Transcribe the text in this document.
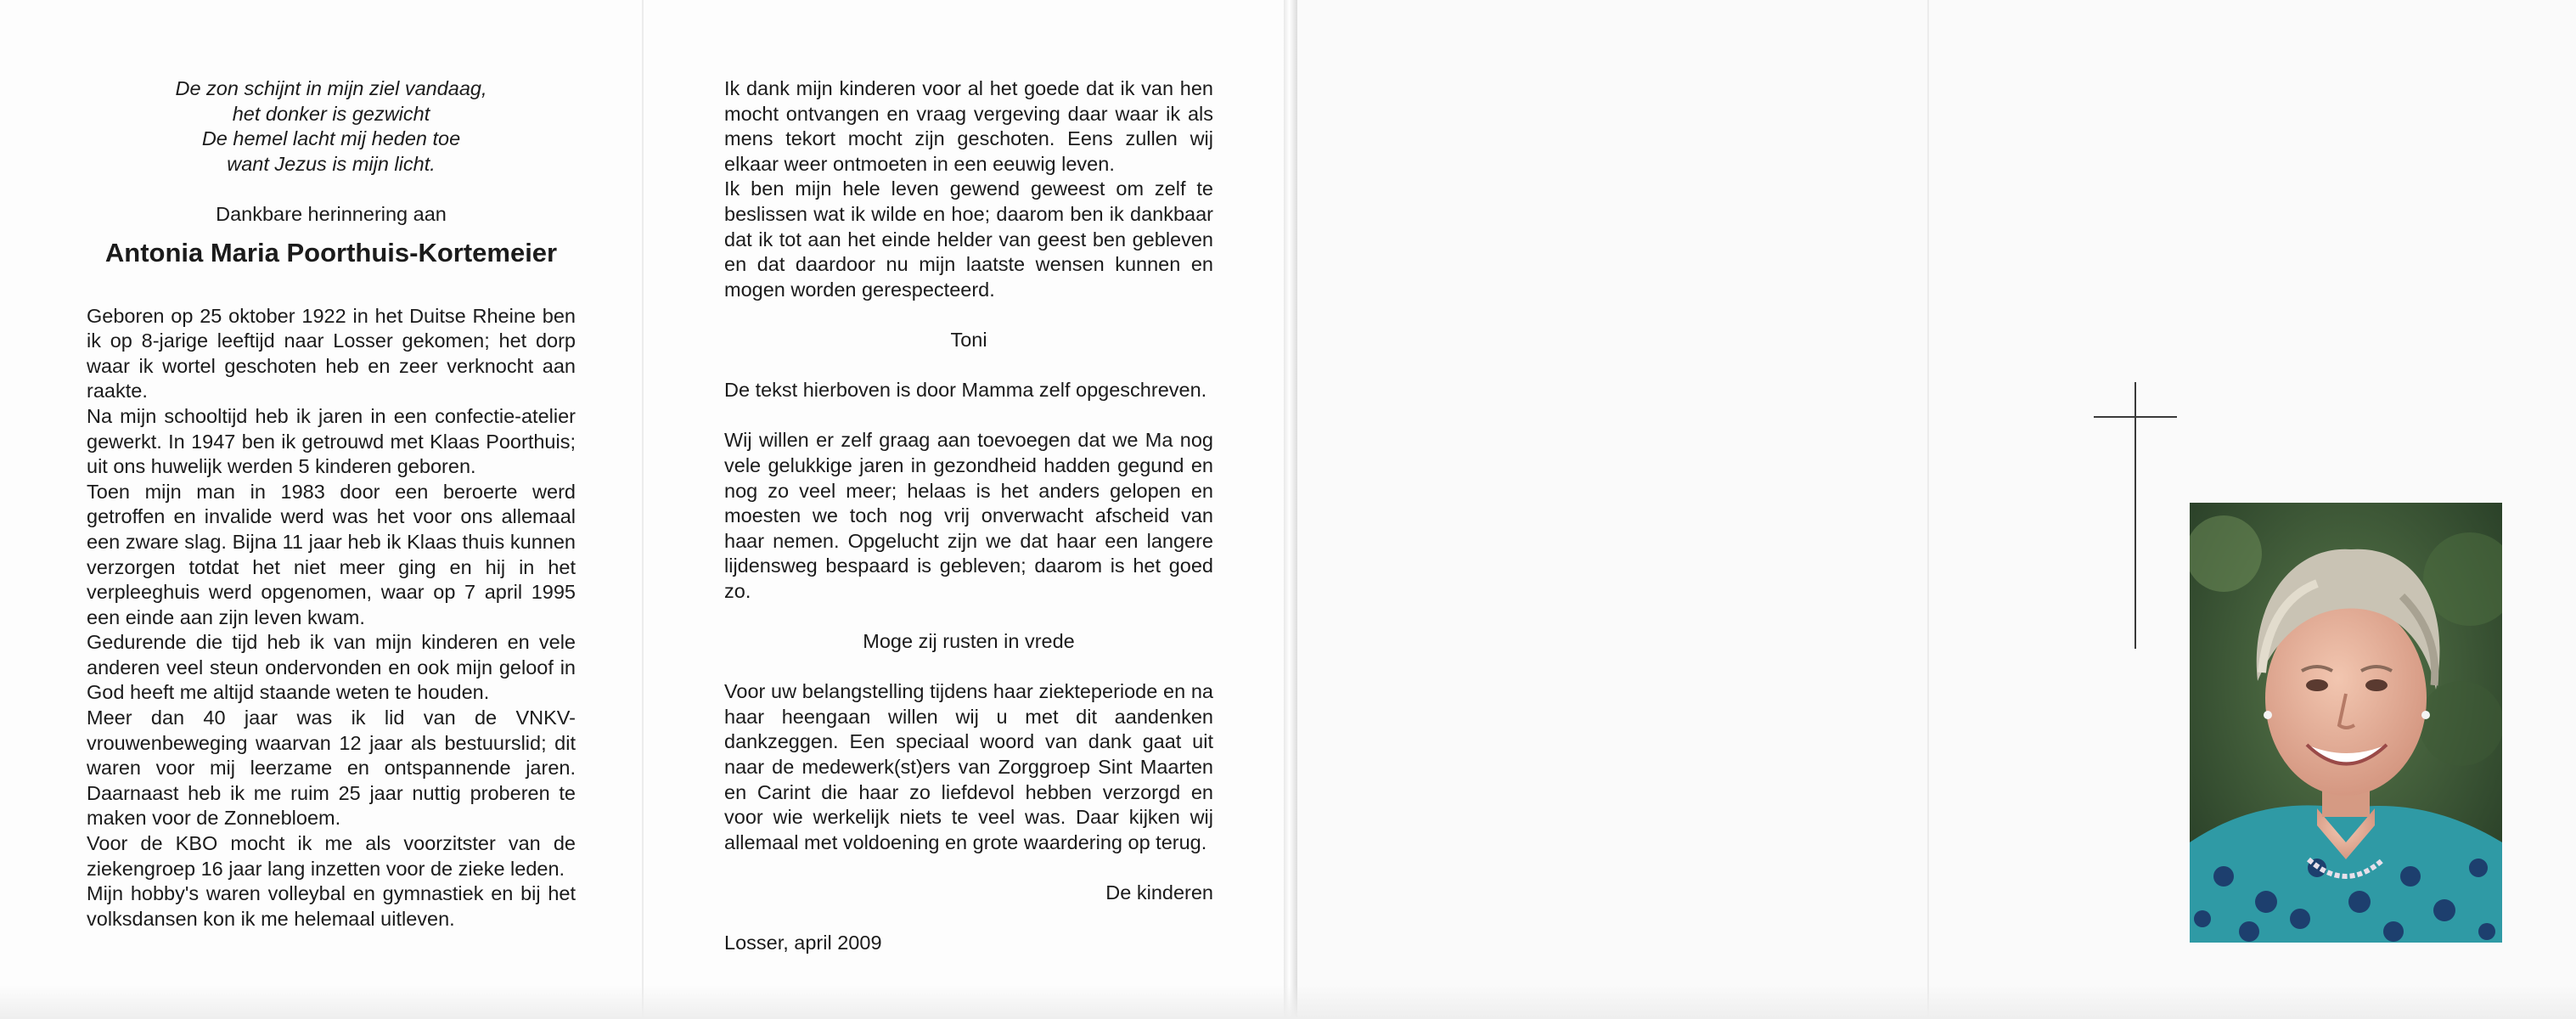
De zon schijnt in mijn ziel vandaag,

het donker is gezwicht

De hemel lacht mij heden toe

want Jezus is mijn licht.

Dankbare herinnering aan

Antonia Maria Poorthuis-Kortemeier

Geboren op 25 oktober 1922 in het Duitse Rheine ben ik op 8-jarige leeftijd naar Losser gekomen; het dorp waar ik wortel geschoten heb en zeer verknocht aan raakte.

Na mijn schooltijd heb ik jaren in een confectie-atelier gewerkt. In 1947 ben ik getrouwd met Klaas Poorthuis; uit ons huwelijk werden 5 kinderen geboren.

Toen mijn man in 1983 door een beroerte werd getroffen en invalide werd was het voor ons allemaal een zware slag. Bijna 11 jaar heb ik Klaas thuis kunnen verzorgen totdat het niet meer ging en hij in het verpleeghuis werd opgenomen, waar op 7 april 1995 een einde aan zijn leven kwam.

Gedurende die tijd heb ik van mijn kinderen en vele anderen veel steun ondervonden en ook mijn geloof in God heeft me altijd staande weten te houden.

Meer dan 40 jaar was ik lid van de VNKV-vrouwenbeweging waarvan 12 jaar als bestuurslid; dit waren voor mij leerzame en ontspannende jaren. Daarnaast heb ik me ruim 25 jaar nuttig proberen te maken voor de Zonnebloem.

Voor de KBO mocht ik me als voorzitster van de ziekengroep 16 jaar lang inzetten voor de zieke leden.

Mijn hobby's waren volleybal en gymnastiek en bij het volksdansen kon ik me helemaal uitleven.

Ik dank mijn kinderen voor al het goede dat ik van hen mocht ontvangen en vraag vergeving daar waar ik als mens tekort mocht zijn geschoten. Eens zullen wij elkaar weer ontmoeten in een eeuwig leven.

Ik ben mijn hele leven gewend geweest om zelf te beslissen wat ik wilde en hoe; daarom ben ik dankbaar dat ik tot aan het einde helder van geest ben gebleven en dat daardoor nu mijn laatste wensen kunnen en mogen worden gerespecteerd.

Toni

De tekst hierboven is door Mamma zelf opgeschreven.

Wij willen er zelf graag aan toevoegen dat we Ma nog vele gelukkige jaren in gezondheid hadden gegund en nog zo veel meer; helaas is het anders gelopen en moesten we toch nog vrij onverwacht afscheid van haar nemen. Opgelucht zijn we dat haar een langere lijdensweg bespaard is gebleven; daarom is het goed zo.

Moge zij rusten in vrede

Voor uw belangstelling tijdens haar ziekteperiode en na haar heengaan willen wij u met dit aandenken dankzeggen. Een speciaal woord van dank gaat uit naar de medewerk(st)ers van Zorggroep Sint Maarten en Carint die haar zo liefdevol hebben verzorgd en voor wie werkelijk niets te veel was. Daar kijken wij allemaal met voldoening en grote waardering op terug.

De kinderen

Losser, april 2009
